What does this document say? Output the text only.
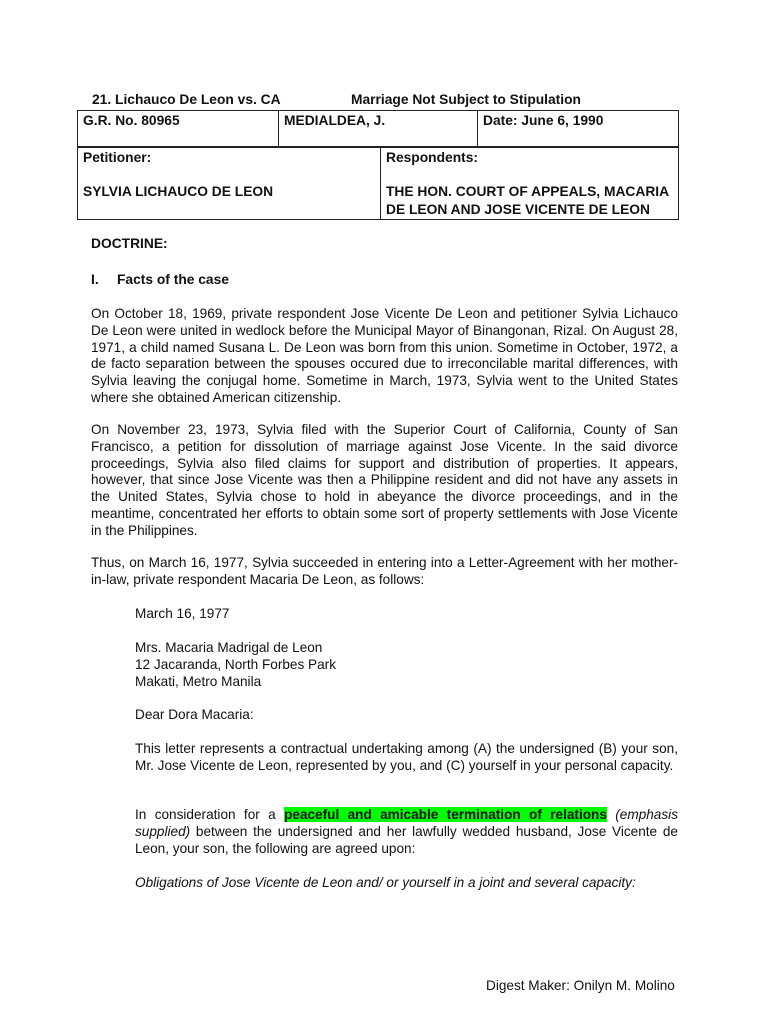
21. Lichauco De Leon vs. CA	Marriage Not Subject to Stipulation
G.R. No. 80965	MEDIALDEA, J.	Date: June 6, 1990
Petitioner:
SYLVIA LICHAUCO DE LEON

Respondents:
THE HON. COURT OF APPEALS, MACARIA DE LEON AND JOSE VICENTE DE LEON
DOCTRINE:
I. Facts of the case
On October 18, 1969, private respondent Jose Vicente De Leon and petitioner Sylvia Lichauco De Leon were united in wedlock before the Municipal Mayor of Binangonan, Rizal. On August 28, 1971, a child named Susana L. De Leon was born from this union. Sometime in October, 1972, a de facto separation between the spouses occured due to irreconcilable marital differences, with Sylvia leaving the conjugal home. Sometime in March, 1973, Sylvia went to the United States where she obtained American citizenship.
On November 23, 1973, Sylvia filed with the Superior Court of California, County of San Francisco, a petition for dissolution of marriage against Jose Vicente. In the said divorce proceedings, Sylvia also filed claims for support and distribution of properties. It appears, however, that since Jose Vicente was then a Philippine resident and did not have any assets in the United States, Sylvia chose to hold in abeyance the divorce proceedings, and in the meantime, concentrated her efforts to obtain some sort of property settlements with Jose Vicente in the Philippines.
Thus, on March 16, 1977, Sylvia succeeded in entering into a Letter-Agreement with her mother-in-law, private respondent Macaria De Leon, as follows:
March 16, 1977
Mrs. Macaria Madrigal de Leon
12 Jacaranda, North Forbes Park
Makati, Metro Manila
Dear Dora Macaria:
This letter represents a contractual undertaking among (A) the undersigned (B) your son, Mr. Jose Vicente de Leon, represented by you, and (C) yourself in your personal capacity.
In consideration for a peaceful and amicable termination of relations (emphasis supplied) between the undersigned and her lawfully wedded husband, Jose Vicente de Leon, your son, the following are agreed upon:
Obligations of Jose Vicente de Leon and/ or yourself in a joint and several capacity:
Digest Maker: Onilyn M. Molino
